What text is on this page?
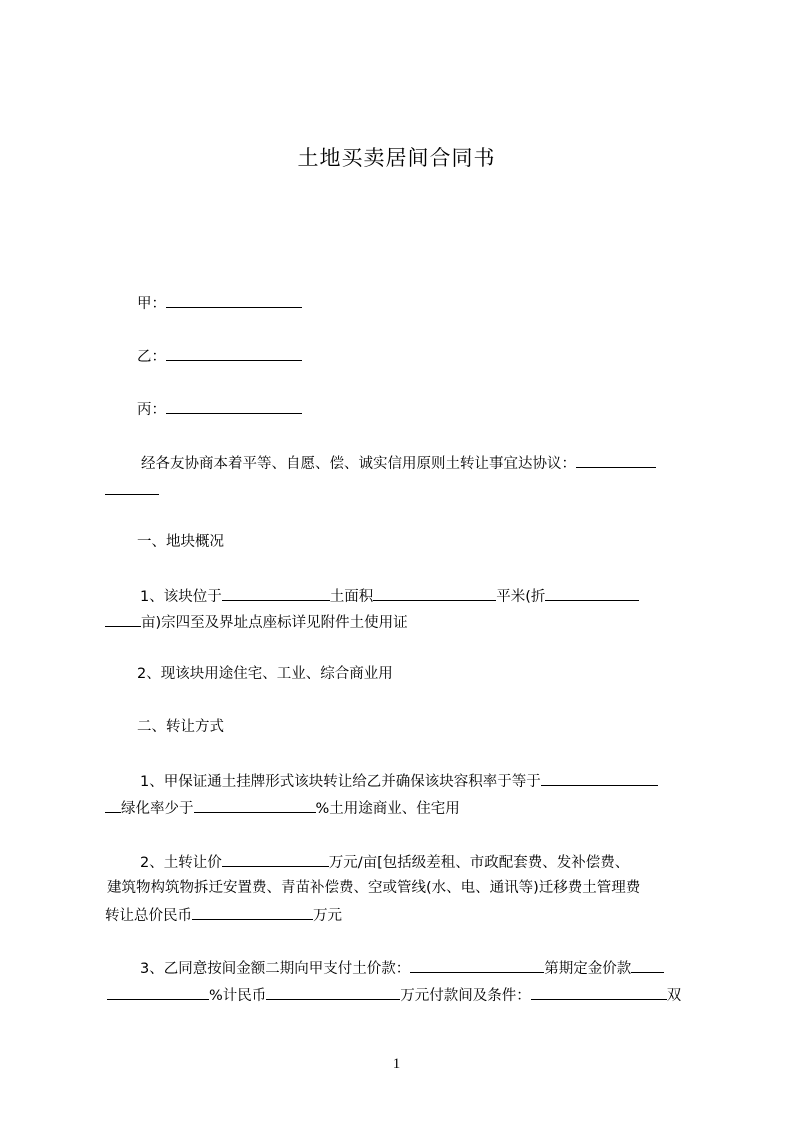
土地买卖居间合同书
甲：
乙：
丙：
经各友协商本着平等、自愿、偿、诚实信用原则土转让事宜达协议：
一、地块概况
1、该块位于	土面积	平米(折
亩)宗四至及界址点座标详见附件土使用证
2、现该块用途住宅、工业、综合商业用
二、转让方式
1、甲保证通土挂牌形式该块转让给乙并确保该块容积率于等于
绿化率少于	%土用途商业、住宅用
2、土转让价	万元/亩[包括级差租、市政配套费、发补偿费、
建筑物构筑物拆迁安置费、青苗补偿费、空或管线(水、电、通讯等)迁移费土管理费
转让总价民币	万元
3、乙同意按间金额二期向甲支付土价款：	第期定金价款
%计民币	万元付款间及条件：	双
1
